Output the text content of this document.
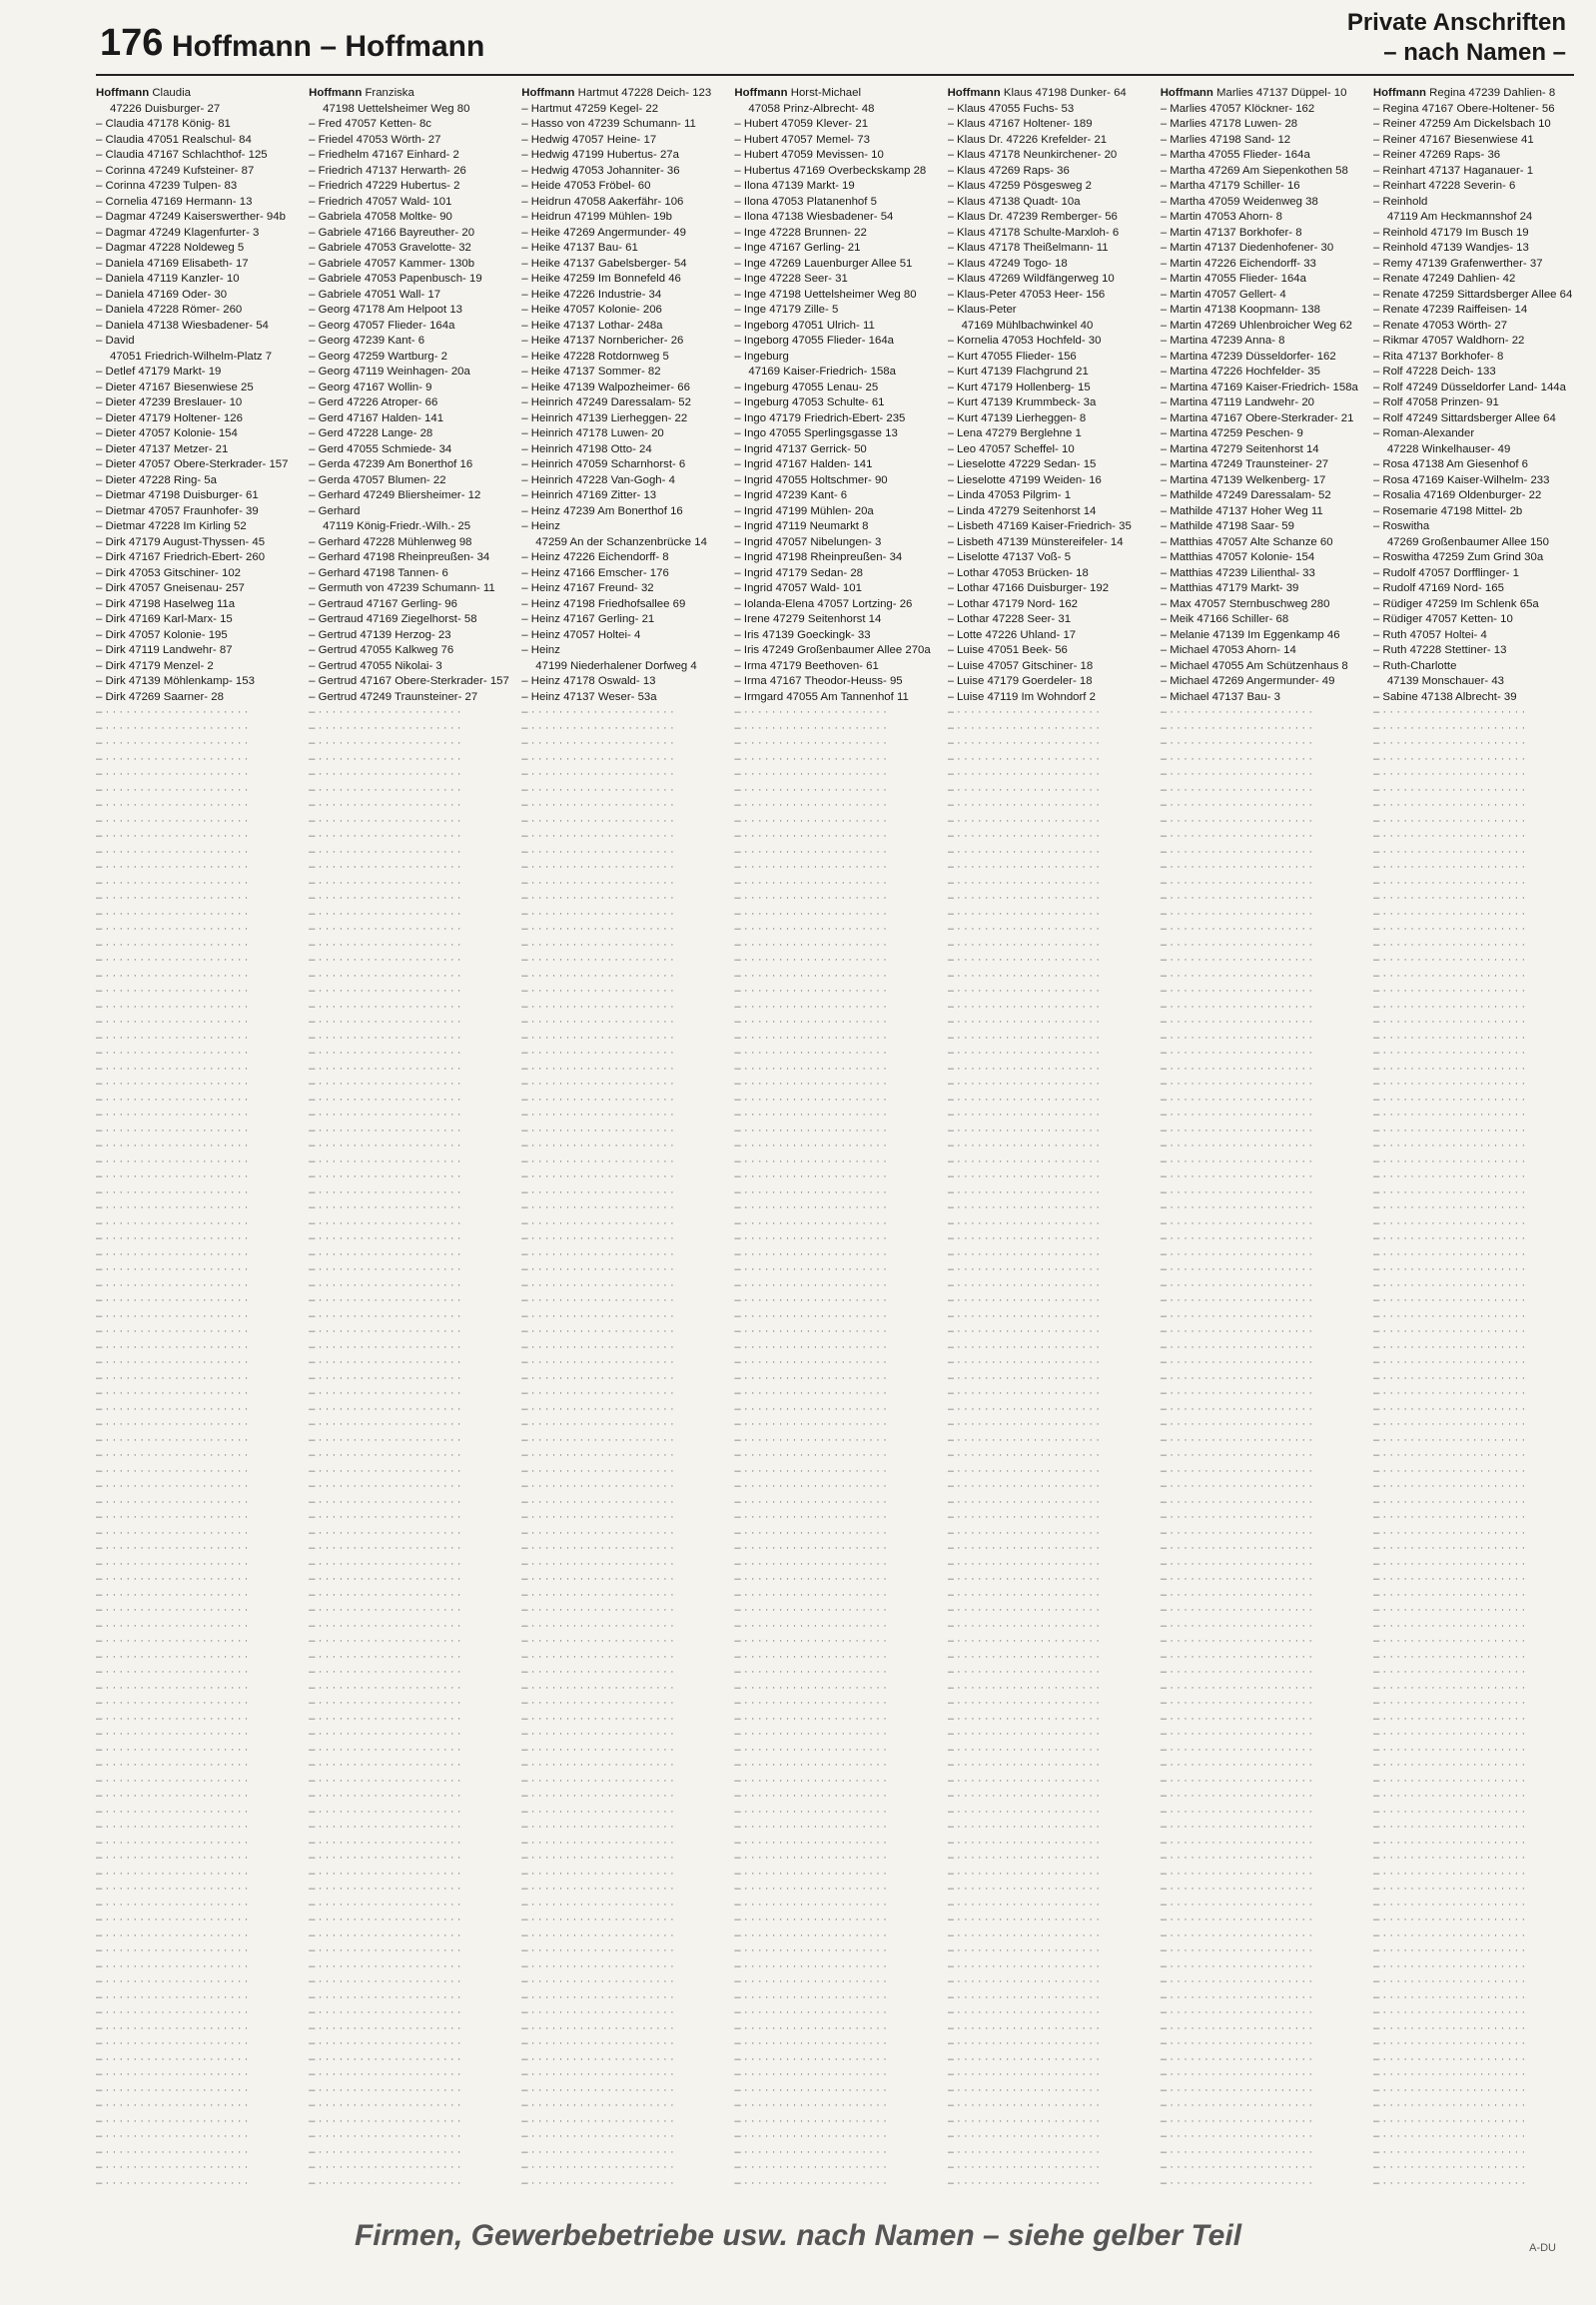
176 Hoffmann – Hoffmann
Private Anschriften
– nach Namen –
Hoffmann Claudia
47226 Duisburger- 27
– Claudia 47178 König- 81
– Claudia 47051 Realschul- 84
– Claudia 47167 Schlachthof- 125
– Corinna 47249 Kufsteiner- 87
– Corinna 47239 Tulpen- 83
– Cornelia 47169 Hermann- 13
– Dagmar 47249 Kaiserswerther- 94b
– Dagmar 47249 Klagenfurter- 3
– Dagmar 47228 Noldeweg 5
– Daniela 47169 Elisabeth- 17
– Daniela 47119 Kanzler- 10
– Daniela 47169 Oder- 30
– Daniela 47228 Römer- 260
– Daniela 47138 Wiesbadener- 54
– David
47051 Friedrich-Wilhelm-Platz 7
– Detlef 47179 Markt- 19
– Dieter 47167 Biesenwiese 25
– Dieter 47239 Breslauer- 10
– Dieter 47179 Holtener- 126
– Dieter 47057 Kolonie- 154
– Dieter 47137 Metzer- 21
– Dieter 47057 Obere-Sterkrader- 157
– Dieter 47228 Ring- 5a
– Dietmar 47198 Duisburger- 61
– Dietmar 47057 Fraunhofer- 39
– Dietmar 47228 Im Kirling 52
– Dirk 47179 August-Thyssen- 45
– Dirk 47167 Friedrich-Ebert- 260
– Dirk 47053 Gitschiner- 102
– Dirk 47057 Gneisenau- 257
– Dirk 47198 Haselweg 11a
– Dirk 47169 Karl-Marx- 15
– Dirk 47057 Kolonie- 195
– Dirk 47119 Landwehr- 87
– Dirk 47179 Menzel- 2
– Dirk 47139 Möhlenkamp- 153
– Dirk 47269 Saarner- 28
– · · · · · · · · · · · · · · · · · · · · ·
– · · · · · · · · · · · · · · · · · · · · ·
– · · · · · · · · · · · · · · · · · · · · ·
– · · · · · · · · · · · · · · · · · · · · ·
– · · · · · · · · · · · · · · · · · · · · ·
– · · · · · · · · · · · · · · · · · · · · ·
– · · · · · · · · · · · · · · · · · · · · ·
– · · · · · · · · · · · · · · · · · · · · ·
– · · · · · · · · · · · · · · · · · · · · ·
– · · · · · · · · · · · · · · · · · · · · ·
– · · · · · · · · · · · · · · · · · · · · ·
– · · · · · · · · · · · · · · · · · · · · ·
– · · · · · · · · · · · · · · · · · · · · ·
– · · · · · · · · · · · · · · · · · · · · ·
– · · · · · · · · · · · · · · · · · · · · ·
– · · · · · · · · · · · · · · · · · · · · ·
– · · · · · · · · · · · · · · · · · · · · ·
– · · · · · · · · · · · · · · · · · · · · ·
– · · · · · · · · · · · · · · · · · · · · ·
– · · · · · · · · · · · · · · · · · · · · ·
– · · · · · · · · · · · · · · · · · · · · ·
– · · · · · · · · · · · · · · · · · · · · ·
– · · · · · · · · · · · · · · · · · · · · ·
– · · · · · · · · · · · · · · · · · · · · ·
– · · · · · · · · · · · · · · · · · · · · ·
– · · · · · · · · · · · · · · · · · · · · ·
– · · · · · · · · · · · · · · · · · · · · ·
– · · · · · · · · · · · · · · · · · · · · ·
– · · · · · · · · · · · · · · · · · · · · ·
– · · · · · · · · · · · · · · · · · · · · ·
– · · · · · · · · · · · · · · · · · · · · ·
– · · · · · · · · · · · · · · · · · · · · ·
– · · · · · · · · · · · · · · · · · · · · ·
– · · · · · · · · · · · · · · · · · · · · ·
– · · · · · · · · · · · · · · · · · · · · ·
– · · · · · · · · · · · · · · · · · · · · ·
– · · · · · · · · · · · · · · · · · · · · ·
– · · · · · · · · · · · · · · · · · · · · ·
– · · · · · · · · · · · · · · · · · · · · ·
– · · · · · · · · · · · · · · · · · · · · ·
– · · · · · · · · · · · · · · · · · · · · ·
– · · · · · · · · · · · · · · · · · · · · ·
– · · · · · · · · · · · · · · · · · · · · ·
– · · · · · · · · · · · · · · · · · · · · ·
– · · · · · · · · · · · · · · · · · · · · ·
– · · · · · · · · · · · · · · · · · · · · ·
– · · · · · · · · · · · · · · · · · · · · ·
– · · · · · · · · · · · · · · · · · · · · ·
– · · · · · · · · · · · · · · · · · · · · ·
– · · · · · · · · · · · · · · · · · · · · ·
– · · · · · · · · · · · · · · · · · · · · ·
– · · · · · · · · · · · · · · · · · · · · ·
– · · · · · · · · · · · · · · · · · · · · ·
– · · · · · · · · · · · · · · · · · · · · ·
– · · · · · · · · · · · · · · · · · · · · ·
– · · · · · · · · · · · · · · · · · · · · ·
– · · · · · · · · · · · · · · · · · · · · ·
– · · · · · · · · · · · · · · · · · · · · ·
– · · · · · · · · · · · · · · · · · · · · ·
– · · · · · · · · · · · · · · · · · · · · ·
– · · · · · · · · · · · · · · · · · · · · ·
– · · · · · · · · · · · · · · · · · · · · ·
– · · · · · · · · · · · · · · · · · · · · ·
– · · · · · · · · · · · · · · · · · · · · ·
– · · · · · · · · · · · · · · · · · · · · ·
– · · · · · · · · · · · · · · · · · · · · ·
– · · · · · · · · · · · · · · · · · · · · ·
– · · · · · · · · · · · · · · · · · · · · ·
– · · · · · · · · · · · · · · · · · · · · ·
– · · · · · · · · · · · · · · · · · · · · ·
– · · · · · · · · · · · · · · · · · · · · ·
– · · · · · · · · · · · · · · · · · · · · ·
– · · · · · · · · · · · · · · · · · · · · ·
– · · · · · · · · · · · · · · · · · · · · ·
– · · · · · · · · · · · · · · · · · · · · ·
– · · · · · · · · · · · · · · · · · · · · ·
– · · · · · · · · · · · · · · · · · · · · ·
– · · · · · · · · · · · · · · · · · · · · ·
– · · · · · · · · · · · · · · · · · · · · ·
– · · · · · · · · · · · · · · · · · · · · ·
– · · · · · · · · · · · · · · · · · · · · ·
– · · · · · · · · · · · · · · · · · · · · ·
– · · · · · · · · · · · · · · · · · · · · ·
– · · · · · · · · · · · · · · · · · · · · ·
– · · · · · · · · · · · · · · · · · · · · ·
– · · · · · · · · · · · · · · · · · · · · ·
– · · · · · · · · · · · · · · · · · · · · ·
– · · · · · · · · · · · · · · · · · · · · ·
– · · · · · · · · · · · · · · · · · · · · ·
– · · · · · · · · · · · · · · · · · · · · ·
– · · · · · · · · · · · · · · · · · · · · ·
– · · · · · · · · · · · · · · · · · · · · ·
– · · · · · · · · · · · · · · · · · · · · ·
– · · · · · · · · · · · · · · · · · · · · ·
– · · · · · · · · · · · · · · · · · · · · ·
– · · · · · · · · · · · · · · · · · · · · ·
Hoffmann Franziska
47198 Uettelsheimer Weg 80
– Fred 47057 Ketten- 8c
– Friedel 47053 Wörth- 27
– Friedhelm 47167 Einhard- 2
– Friedrich 47137 Herwarth- 26
– Friedrich 47229 Hubertus- 2
– Friedrich 47057 Wald- 101
– Gabriela 47058 Moltke- 90
– Gabriele 47166 Bayreuther- 20
– Gabriele 47053 Gravelotte- 32
– Gabriele 47057 Kammer- 130b
– Gabriele 47053 Papenbusch- 19
– Gabriele 47051 Wall- 17
– Georg 47178 Am Helpoot 13
– Georg 47057 Flieder- 164a
– Georg 47239 Kant- 6
– Georg 47259 Wartburg- 2
– Georg 47119 Weinhagen- 20a
– Georg 47167 Wollin- 9
– Gerd 47226 Atroper- 66
– Gerd 47167 Halden- 141
– Gerd 47228 Lange- 28
– Gerd 47055 Schmiede- 34
– Gerda 47239 Am Bonerthof 16
– Gerda 47057 Blumen- 22
– Gerhard 47249 Bliersheimer- 12
– Gerhard
47119 König-Friedr.-Wilh.- 25
– Gerhard 47228 Mühlenweg 98
– Gerhard 47198 Rheinpreußen- 34
– Gerhard 47198 Tannen- 6
– Germuth von 47239 Schumann- 11
– Gertraud 47167 Gerling- 96
– Gertraud 47169 Ziegelhorst- 58
– Gertrud 47139 Herzog- 23
– Gertrud 47055 Kalkweg 76
– Gertrud 47055 Nikolai- 3
– Gertrud 47167 Obere-Sterkrader- 157
– Gertrud 47249 Traunsteiner- 27
– · · · · · · · · · · · · · · · · · · · · ·
– · · · · · · · · · · · · · · · · · · · · ·
– · · · · · · · · · · · · · · · · · · · · ·
– · · · · · · · · · · · · · · · · · · · · ·
– · · · · · · · · · · · · · · · · · · · · ·
– · · · · · · · · · · · · · · · · · · · · ·
– · · · · · · · · · · · · · · · · · · · · ·
– · · · · · · · · · · · · · · · · · · · · ·
– · · · · · · · · · · · · · · · · · · · · ·
– · · · · · · · · · · · · · · · · · · · · ·
– · · · · · · · · · · · · · · · · · · · · ·
– · · · · · · · · · · · · · · · · · · · · ·
– · · · · · · · · · · · · · · · · · · · · ·
– · · · · · · · · · · · · · · · · · · · · ·
– · · · · · · · · · · · · · · · · · · · · ·
– · · · · · · · · · · · · · · · · · · · · ·
– · · · · · · · · · · · · · · · · · · · · ·
– · · · · · · · · · · · · · · · · · · · · ·
– · · · · · · · · · · · · · · · · · · · · ·
– · · · · · · · · · · · · · · · · · · · · ·
– · · · · · · · · · · · · · · · · · · · · ·
– · · · · · · · · · · · · · · · · · · · · ·
– · · · · · · · · · · · · · · · · · · · · ·
– · · · · · · · · · · · · · · · · · · · · ·
– · · · · · · · · · · · · · · · · · · · · ·
– · · · · · · · · · · · · · · · · · · · · ·
– · · · · · · · · · · · · · · · · · · · · ·
– · · · · · · · · · · · · · · · · · · · · ·
– · · · · · · · · · · · · · · · · · · · · ·
– · · · · · · · · · · · · · · · · · · · · ·
– · · · · · · · · · · · · · · · · · · · · ·
– · · · · · · · · · · · · · · · · · · · · ·
– · · · · · · · · · · · · · · · · · · · · ·
– · · · · · · · · · · · · · · · · · · · · ·
– · · · · · · · · · · · · · · · · · · · · ·
– · · · · · · · · · · · · · · · · · · · · ·
– · · · · · · · · · · · · · · · · · · · · ·
– · · · · · · · · · · · · · · · · · · · · ·
– · · · · · · · · · · · · · · · · · · · · ·
– · · · · · · · · · · · · · · · · · · · · ·
– · · · · · · · · · · · · · · · · · · · · ·
– · · · · · · · · · · · · · · · · · · · · ·
– · · · · · · · · · · · · · · · · · · · · ·
– · · · · · · · · · · · · · · · · · · · · ·
– · · · · · · · · · · · · · · · · · · · · ·
– · · · · · · · · · · · · · · · · · · · · ·
– · · · · · · · · · · · · · · · · · · · · ·
– · · · · · · · · · · · · · · · · · · · · ·
– · · · · · · · · · · · · · · · · · · · · ·
– · · · · · · · · · · · · · · · · · · · · ·
– · · · · · · · · · · · · · · · · · · · · ·
– · · · · · · · · · · · · · · · · · · · · ·
– · · · · · · · · · · · · · · · · · · · · ·
– · · · · · · · · · · · · · · · · · · · · ·
– · · · · · · · · · · · · · · · · · · · · ·
– · · · · · · · · · · · · · · · · · · · · ·
– · · · · · · · · · · · · · · · · · · · · ·
– · · · · · · · · · · · · · · · · · · · · ·
– · · · · · · · · · · · · · · · · · · · · ·
– · · · · · · · · · · · · · · · · · · · · ·
– · · · · · · · · · · · · · · · · · · · · ·
– · · · · · · · · · · · · · · · · · · · · ·
– · · · · · · · · · · · · · · · · · · · · ·
– · · · · · · · · · · · · · · · · · · · · ·
– · · · · · · · · · · · · · · · · · · · · ·
– · · · · · · · · · · · · · · · · · · · · ·
– · · · · · · · · · · · · · · · · · · · · ·
– · · · · · · · · · · · · · · · · · · · · ·
– · · · · · · · · · · · · · · · · · · · · ·
– · · · · · · · · · · · · · · · · · · · · ·
– · · · · · · · · · · · · · · · · · · · · ·
– · · · · · · · · · · · · · · · · · · · · ·
– · · · · · · · · · · · · · · · · · · · · ·
– · · · · · · · · · · · · · · · · · · · · ·
– · · · · · · · · · · · · · · · · · · · · ·
– · · · · · · · · · · · · · · · · · · · · ·
– · · · · · · · · · · · · · · · · · · · · ·
– · · · · · · · · · · · · · · · · · · · · ·
– · · · · · · · · · · · · · · · · · · · · ·
– · · · · · · · · · · · · · · · · · · · · ·
– · · · · · · · · · · · · · · · · · · · · ·
– · · · · · · · · · · · · · · · · · · · · ·
– · · · · · · · · · · · · · · · · · · · · ·
– · · · · · · · · · · · · · · · · · · · · ·
– · · · · · · · · · · · · · · · · · · · · ·
– · · · · · · · · · · · · · · · · · · · · ·
– · · · · · · · · · · · · · · · · · · · · ·
– · · · · · · · · · · · · · · · · · · · · ·
– · · · · · · · · · · · · · · · · · · · · ·
– · · · · · · · · · · · · · · · · · · · · ·
– · · · · · · · · · · · · · · · · · · · · ·
– · · · · · · · · · · · · · · · · · · · · ·
– · · · · · · · · · · · · · · · · · · · · ·
– · · · · · · · · · · · · · · · · · · · · ·
– · · · · · · · · · · · · · · · · · · · · ·
– · · · · · · · · · · · · · · · · · · · · ·
Hoffmann Hartmut 47228 Deich- 123
– Hartmut 47259 Kegel- 22
– Hasso von 47239 Schumann- 11
– Hedwig 47057 Heine- 17
– Hedwig 47199 Hubertus- 27a
– Hedwig 47053 Johanniter- 36
– Heide 47053 Fröbel- 60
– Heidrun 47058 Aakerfähr- 106
– Heidrun 47199 Mühlen- 19b
– Heike 47269 Angermunder- 49
– Heike 47137 Bau- 61
– Heike 47137 Gabelsberger- 54
– Heike 47259 Im Bonnefeld 46
– Heike 47226 Industrie- 34
– Heike 47057 Kolonie- 206
– Heike 47137 Lothar- 248a
– Heike 47137 Nornbericher- 26
– Heike 47228 Rotdornweg 5
– Heike 47137 Sommer- 82
– Heike 47139 Walpozheimer- 66
– Heinrich 47249 Daressalam- 52
– Heinrich 47139 Lierheggen- 22
– Heinrich 47178 Luwen- 20
– Heinrich 47198 Otto- 24
– Heinrich 47059 Scharnhorst- 6
– Heinrich 47228 Van-Gogh- 4
– Heinrich 47169 Zitter- 13
– Heinz 47239 Am Bonerthof 16
– Heinz
47259 An der Schanzenbrücke 14
– Heinz 47226 Eichendorff- 8
– Heinz 47166 Emscher- 176
– Heinz 47167 Freund- 32
– Heinz 47198 Friedhofsallee 69
– Heinz 47167 Gerling- 21
– Heinz 47057 Holtei- 4
– Heinz
47199 Niederhalener Dorfweg 4
– Heinz 47178 Oswald- 13
– Heinz 47137 Weser- 53a
– · · · · · · · · · · · · · · · · · · · · ·
– · · · · · · · · · · · · · · · · · · · · ·
– · · · · · · · · · · · · · · · · · · · · ·
– · · · · · · · · · · · · · · · · · · · · ·
– · · · · · · · · · · · · · · · · · · · · ·
– · · · · · · · · · · · · · · · · · · · · ·
– · · · · · · · · · · · · · · · · · · · · ·
– · · · · · · · · · · · · · · · · · · · · ·
– · · · · · · · · · · · · · · · · · · · · ·
– · · · · · · · · · · · · · · · · · · · · ·
– · · · · · · · · · · · · · · · · · · · · ·
– · · · · · · · · · · · · · · · · · · · · ·
– · · · · · · · · · · · · · · · · · · · · ·
– · · · · · · · · · · · · · · · · · · · · ·
– · · · · · · · · · · · · · · · · · · · · ·
– · · · · · · · · · · · · · · · · · · · · ·
– · · · · · · · · · · · · · · · · · · · · ·
– · · · · · · · · · · · · · · · · · · · · ·
– · · · · · · · · · · · · · · · · · · · · ·
– · · · · · · · · · · · · · · · · · · · · ·
– · · · · · · · · · · · · · · · · · · · · ·
– · · · · · · · · · · · · · · · · · · · · ·
– · · · · · · · · · · · · · · · · · · · · ·
– · · · · · · · · · · · · · · · · · · · · ·
– · · · · · · · · · · · · · · · · · · · · ·
– · · · · · · · · · · · · · · · · · · · · ·
– · · · · · · · · · · · · · · · · · · · · ·
– · · · · · · · · · · · · · · · · · · · · ·
– · · · · · · · · · · · · · · · · · · · · ·
– · · · · · · · · · · · · · · · · · · · · ·
– · · · · · · · · · · · · · · · · · · · · ·
– · · · · · · · · · · · · · · · · · · · · ·
– · · · · · · · · · · · · · · · · · · · · ·
– · · · · · · · · · · · · · · · · · · · · ·
– · · · · · · · · · · · · · · · · · · · · ·
– · · · · · · · · · · · · · · · · · · · · ·
– · · · · · · · · · · · · · · · · · · · · ·
– · · · · · · · · · · · · · · · · · · · · ·
– · · · · · · · · · · · · · · · · · · · · ·
– · · · · · · · · · · · · · · · · · · · · ·
– · · · · · · · · · · · · · · · · · · · · ·
– · · · · · · · · · · · · · · · · · · · · ·
– · · · · · · · · · · · · · · · · · · · · ·
– · · · · · · · · · · · · · · · · · · · · ·
– · · · · · · · · · · · · · · · · · · · · ·
– · · · · · · · · · · · · · · · · · · · · ·
– · · · · · · · · · · · · · · · · · · · · ·
– · · · · · · · · · · · · · · · · · · · · ·
– · · · · · · · · · · · · · · · · · · · · ·
– · · · · · · · · · · · · · · · · · · · · ·
– · · · · · · · · · · · · · · · · · · · · ·
– · · · · · · · · · · · · · · · · · · · · ·
– · · · · · · · · · · · · · · · · · · · · ·
– · · · · · · · · · · · · · · · · · · · · ·
– · · · · · · · · · · · · · · · · · · · · ·
– · · · · · · · · · · · · · · · · · · · · ·
– · · · · · · · · · · · · · · · · · · · · ·
– · · · · · · · · · · · · · · · · · · · · ·
– · · · · · · · · · · · · · · · · · · · · ·
– · · · · · · · · · · · · · · · · · · · · ·
– · · · · · · · · · · · · · · · · · · · · ·
– · · · · · · · · · · · · · · · · · · · · ·
– · · · · · · · · · · · · · · · · · · · · ·
– · · · · · · · · · · · · · · · · · · · · ·
– · · · · · · · · · · · · · · · · · · · · ·
– · · · · · · · · · · · · · · · · · · · · ·
– · · · · · · · · · · · · · · · · · · · · ·
– · · · · · · · · · · · · · · · · · · · · ·
– · · · · · · · · · · · · · · · · · · · · ·
– · · · · · · · · · · · · · · · · · · · · ·
– · · · · · · · · · · · · · · · · · · · · ·
– · · · · · · · · · · · · · · · · · · · · ·
– · · · · · · · · · · · · · · · · · · · · ·
– · · · · · · · · · · · · · · · · · · · · ·
– · · · · · · · · · · · · · · · · · · · · ·
– · · · · · · · · · · · · · · · · · · · · ·
– · · · · · · · · · · · · · · · · · · · · ·
– · · · · · · · · · · · · · · · · · · · · ·
– · · · · · · · · · · · · · · · · · · · · ·
– · · · · · · · · · · · · · · · · · · · · ·
– · · · · · · · · · · · · · · · · · · · · ·
– · · · · · · · · · · · · · · · · · · · · ·
– · · · · · · · · · · · · · · · · · · · · ·
– · · · · · · · · · · · · · · · · · · · · ·
– · · · · · · · · · · · · · · · · · · · · ·
– · · · · · · · · · · · · · · · · · · · · ·
– · · · · · · · · · · · · · · · · · · · · ·
– · · · · · · · · · · · · · · · · · · · · ·
– · · · · · · · · · · · · · · · · · · · · ·
– · · · · · · · · · · · · · · · · · · · · ·
– · · · · · · · · · · · · · · · · · · · · ·
– · · · · · · · · · · · · · · · · · · · · ·
– · · · · · · · · · · · · · · · · · · · · ·
– · · · · · · · · · · · · · · · · · · · · ·
– · · · · · · · · · · · · · · · · · · · · ·
– · · · · · · · · · · · · · · · · · · · · ·
Hoffmann Horst-Michael
47058 Prinz-Albrecht- 48
– Hubert 47059 Klever- 21
– Hubert 47057 Memel- 73
– Hubert 47059 Mevissen- 10
– Hubertus 47169 Overbeckskamp 28
– Ilona 47139 Markt- 19
– Ilona 47053 Platanenhof 5
– Ilona 47138 Wiesbadener- 54
– Inge 47228 Brunnen- 22
– Inge 47167 Gerling- 21
– Inge 47269 Lauenburger Allee 51
– Inge 47228 Seer- 31
– Inge 47198 Uettelsheimer Weg 80
– Inge 47179 Zille- 5
– Ingeborg 47051 Ulrich- 11
– Ingeborg 47055 Flieder- 164a
– Ingeburg
47169 Kaiser-Friedrich- 158a
– Ingeburg 47055 Lenau- 25
– Ingeburg 47053 Schulte- 61
– Ingo 47179 Friedrich-Ebert- 235
– Ingo 47055 Sperlingsgasse 13
– Ingrid 47137 Gerrick- 50
– Ingrid 47167 Halden- 141
– Ingrid 47055 Holtschmer- 90
– Ingrid 47239 Kant- 6
– Ingrid 47199 Mühlen- 20a
– Ingrid 47119 Neumarkt 8
– Ingrid 47057 Nibelungen- 3
– Ingrid 47198 Rheinpreußen- 34
– Ingrid 47179 Sedan- 28
– Ingrid 47057 Wald- 101
– Iolanda-Elena 47057 Lortzing- 26
– Irene 47279 Seitenhorst 14
– Iris 47139 Goeckingk- 33
– Iris 47249 Großenbaumer Allee 270a
– Irma 47179 Beethoven- 61
– Irma 47167 Theodor-Heuss- 95
– Irmgard 47055 Am Tannenhof 11
– · · · · · · · · · · · · · · · · · · · · ·
– · · · · · · · · · · · · · · · · · · · · ·
– · · · · · · · · · · · · · · · · · · · · ·
– · · · · · · · · · · · · · · · · · · · · ·
– · · · · · · · · · · · · · · · · · · · · ·
– · · · · · · · · · · · · · · · · · · · · ·
– · · · · · · · · · · · · · · · · · · · · ·
– · · · · · · · · · · · · · · · · · · · · ·
– · · · · · · · · · · · · · · · · · · · · ·
– · · · · · · · · · · · · · · · · · · · · ·
– · · · · · · · · · · · · · · · · · · · · ·
– · · · · · · · · · · · · · · · · · · · · ·
– · · · · · · · · · · · · · · · · · · · · ·
– · · · · · · · · · · · · · · · · · · · · ·
– · · · · · · · · · · · · · · · · · · · · ·
– · · · · · · · · · · · · · · · · · · · · ·
– · · · · · · · · · · · · · · · · · · · · ·
– · · · · · · · · · · · · · · · · · · · · ·
– · · · · · · · · · · · · · · · · · · · · ·
– · · · · · · · · · · · · · · · · · · · · ·
– · · · · · · · · · · · · · · · · · · · · ·
– · · · · · · · · · · · · · · · · · · · · ·
– · · · · · · · · · · · · · · · · · · · · ·
– · · · · · · · · · · · · · · · · · · · · ·
– · · · · · · · · · · · · · · · · · · · · ·
– · · · · · · · · · · · · · · · · · · · · ·
– · · · · · · · · · · · · · · · · · · · · ·
– · · · · · · · · · · · · · · · · · · · · ·
– · · · · · · · · · · · · · · · · · · · · ·
– · · · · · · · · · · · · · · · · · · · · ·
– · · · · · · · · · · · · · · · · · · · · ·
– · · · · · · · · · · · · · · · · · · · · ·
– · · · · · · · · · · · · · · · · · · · · ·
– · · · · · · · · · · · · · · · · · · · · ·
– · · · · · · · · · · · · · · · · · · · · ·
– · · · · · · · · · · · · · · · · · · · · ·
– · · · · · · · · · · · · · · · · · · · · ·
– · · · · · · · · · · · · · · · · · · · · ·
– · · · · · · · · · · · · · · · · · · · · ·
– · · · · · · · · · · · · · · · · · · · · ·
– · · · · · · · · · · · · · · · · · · · · ·
– · · · · · · · · · · · · · · · · · · · · ·
– · · · · · · · · · · · · · · · · · · · · ·
– · · · · · · · · · · · · · · · · · · · · ·
– · · · · · · · · · · · · · · · · · · · · ·
– · · · · · · · · · · · · · · · · · · · · ·
– · · · · · · · · · · · · · · · · · · · · ·
– · · · · · · · · · · · · · · · · · · · · ·
– · · · · · · · · · · · · · · · · · · · · ·
– · · · · · · · · · · · · · · · · · · · · ·
– · · · · · · · · · · · · · · · · · · · · ·
– · · · · · · · · · · · · · · · · · · · · ·
– · · · · · · · · · · · · · · · · · · · · ·
– · · · · · · · · · · · · · · · · · · · · ·
– · · · · · · · · · · · · · · · · · · · · ·
– · · · · · · · · · · · · · · · · · · · · ·
– · · · · · · · · · · · · · · · · · · · · ·
– · · · · · · · · · · · · · · · · · · · · ·
– · · · · · · · · · · · · · · · · · · · · ·
– · · · · · · · · · · · · · · · · · · · · ·
– · · · · · · · · · · · · · · · · · · · · ·
– · · · · · · · · · · · · · · · · · · · · ·
– · · · · · · · · · · · · · · · · · · · · ·
– · · · · · · · · · · · · · · · · · · · · ·
– · · · · · · · · · · · · · · · · · · · · ·
– · · · · · · · · · · · · · · · · · · · · ·
– · · · · · · · · · · · · · · · · · · · · ·
– · · · · · · · · · · · · · · · · · · · · ·
– · · · · · · · · · · · · · · · · · · · · ·
– · · · · · · · · · · · · · · · · · · · · ·
– · · · · · · · · · · · · · · · · · · · · ·
– · · · · · · · · · · · · · · · · · · · · ·
– · · · · · · · · · · · · · · · · · · · · ·
– · · · · · · · · · · · · · · · · · · · · ·
– · · · · · · · · · · · · · · · · · · · · ·
– · · · · · · · · · · · · · · · · · · · · ·
– · · · · · · · · · · · · · · · · · · · · ·
– · · · · · · · · · · · · · · · · · · · · ·
– · · · · · · · · · · · · · · · · · · · · ·
– · · · · · · · · · · · · · · · · · · · · ·
– · · · · · · · · · · · · · · · · · · · · ·
– · · · · · · · · · · · · · · · · · · · · ·
– · · · · · · · · · · · · · · · · · · · · ·
– · · · · · · · · · · · · · · · · · · · · ·
– · · · · · · · · · · · · · · · · · · · · ·
– · · · · · · · · · · · · · · · · · · · · ·
– · · · · · · · · · · · · · · · · · · · · ·
– · · · · · · · · · · · · · · · · · · · · ·
– · · · · · · · · · · · · · · · · · · · · ·
– · · · · · · · · · · · · · · · · · · · · ·
– · · · · · · · · · · · · · · · · · · · · ·
– · · · · · · · · · · · · · · · · · · · · ·
– · · · · · · · · · · · · · · · · · · · · ·
– · · · · · · · · · · · · · · · · · · · · ·
– · · · · · · · · · · · · · · · · · · · · ·
– · · · · · · · · · · · · · · · · · · · · ·
Hoffmann Klaus 47198 Dunker- 64
– Klaus 47055 Fuchs- 53
– Klaus 47167 Holtener- 189
– Klaus Dr. 47226 Krefelder- 21
– Klaus 47178 Neunkirchener- 20
– Klaus 47269 Raps- 36
– Klaus 47259 Pösgesweg 2
– Klaus 47138 Quadt- 10a
– Klaus Dr. 47239 Remberger- 56
– Klaus 47178 Schulte-Marxloh- 6
– Klaus 47178 Theißelmann- 11
– Klaus 47249 Togo- 18
– Klaus 47269 Wildfängerweg 10
– Klaus-Peter 47053 Heer- 156
– Klaus-Peter
47169 Mühlbachwinkel 40
– Kornelia 47053 Hochfeld- 30
– Kurt 47055 Flieder- 156
– Kurt 47139 Flachgrund 21
– Kurt 47179 Hollenberg- 15
– Kurt 47139 Krummbeck- 3a
– Kurt 47139 Lierheggen- 8
– Lena 47279 Berglehne 1
– Leo 47057 Scheffel- 10
– Lieselotte 47229 Sedan- 15
– Lieselotte 47199 Weiden- 16
– Linda 47053 Pilgrim- 1
– Linda 47279 Seitenhorst 14
– Lisbeth 47169 Kaiser-Friedrich- 35
– Lisbeth 47139 Münstereifeler- 14
– Liselotte 47137 Voß- 5
– Lothar 47053 Brücken- 18
– Lothar 47166 Duisburger- 192
– Lothar 47179 Nord- 162
– Lothar 47228 Seer- 31
– Lotte 47226 Uhland- 17
– Luise 47051 Beek- 56
– Luise 47057 Gitschiner- 18
– Luise 47179 Goerdeler- 18
– Luise 47119 Im Wohndorf 2
– · · · · · · · · · · · · · · · · · · · · ·
– · · · · · · · · · · · · · · · · · · · · ·
– · · · · · · · · · · · · · · · · · · · · ·
– · · · · · · · · · · · · · · · · · · · · ·
– · · · · · · · · · · · · · · · · · · · · ·
– · · · · · · · · · · · · · · · · · · · · ·
– · · · · · · · · · · · · · · · · · · · · ·
– · · · · · · · · · · · · · · · · · · · · ·
– · · · · · · · · · · · · · · · · · · · · ·
– · · · · · · · · · · · · · · · · · · · · ·
– · · · · · · · · · · · · · · · · · · · · ·
– · · · · · · · · · · · · · · · · · · · · ·
– · · · · · · · · · · · · · · · · · · · · ·
– · · · · · · · · · · · · · · · · · · · · ·
– · · · · · · · · · · · · · · · · · · · · ·
– · · · · · · · · · · · · · · · · · · · · ·
– · · · · · · · · · · · · · · · · · · · · ·
– · · · · · · · · · · · · · · · · · · · · ·
– · · · · · · · · · · · · · · · · · · · · ·
– · · · · · · · · · · · · · · · · · · · · ·
– · · · · · · · · · · · · · · · · · · · · ·
– · · · · · · · · · · · · · · · · · · · · ·
– · · · · · · · · · · · · · · · · · · · · ·
– · · · · · · · · · · · · · · · · · · · · ·
– · · · · · · · · · · · · · · · · · · · · ·
– · · · · · · · · · · · · · · · · · · · · ·
– · · · · · · · · · · · · · · · · · · · · ·
– · · · · · · · · · · · · · · · · · · · · ·
– · · · · · · · · · · · · · · · · · · · · ·
– · · · · · · · · · · · · · · · · · · · · ·
– · · · · · · · · · · · · · · · · · · · · ·
– · · · · · · · · · · · · · · · · · · · · ·
– · · · · · · · · · · · · · · · · · · · · ·
– · · · · · · · · · · · · · · · · · · · · ·
– · · · · · · · · · · · · · · · · · · · · ·
– · · · · · · · · · · · · · · · · · · · · ·
– · · · · · · · · · · · · · · · · · · · · ·
– · · · · · · · · · · · · · · · · · · · · ·
– · · · · · · · · · · · · · · · · · · · · ·
– · · · · · · · · · · · · · · · · · · · · ·
– · · · · · · · · · · · · · · · · · · · · ·
– · · · · · · · · · · · · · · · · · · · · ·
– · · · · · · · · · · · · · · · · · · · · ·
– · · · · · · · · · · · · · · · · · · · · ·
– · · · · · · · · · · · · · · · · · · · · ·
– · · · · · · · · · · · · · · · · · · · · ·
– · · · · · · · · · · · · · · · · · · · · ·
– · · · · · · · · · · · · · · · · · · · · ·
– · · · · · · · · · · · · · · · · · · · · ·
– · · · · · · · · · · · · · · · · · · · · ·
– · · · · · · · · · · · · · · · · · · · · ·
– · · · · · · · · · · · · · · · · · · · · ·
– · · · · · · · · · · · · · · · · · · · · ·
– · · · · · · · · · · · · · · · · · · · · ·
– · · · · · · · · · · · · · · · · · · · · ·
– · · · · · · · · · · · · · · · · · · · · ·
– · · · · · · · · · · · · · · · · · · · · ·
– · · · · · · · · · · · · · · · · · · · · ·
– · · · · · · · · · · · · · · · · · · · · ·
– · · · · · · · · · · · · · · · · · · · · ·
– · · · · · · · · · · · · · · · · · · · · ·
– · · · · · · · · · · · · · · · · · · · · ·
– · · · · · · · · · · · · · · · · · · · · ·
– · · · · · · · · · · · · · · · · · · · · ·
– · · · · · · · · · · · · · · · · · · · · ·
– · · · · · · · · · · · · · · · · · · · · ·
– · · · · · · · · · · · · · · · · · · · · ·
– · · · · · · · · · · · · · · · · · · · · ·
– · · · · · · · · · · · · · · · · · · · · ·
– · · · · · · · · · · · · · · · · · · · · ·
– · · · · · · · · · · · · · · · · · · · · ·
– · · · · · · · · · · · · · · · · · · · · ·
– · · · · · · · · · · · · · · · · · · · · ·
– · · · · · · · · · · · · · · · · · · · · ·
– · · · · · · · · · · · · · · · · · · · · ·
– · · · · · · · · · · · · · · · · · · · · ·
– · · · · · · · · · · · · · · · · · · · · ·
– · · · · · · · · · · · · · · · · · · · · ·
– · · · · · · · · · · · · · · · · · · · · ·
– · · · · · · · · · · · · · · · · · · · · ·
– · · · · · · · · · · · · · · · · · · · · ·
– · · · · · · · · · · · · · · · · · · · · ·
– · · · · · · · · · · · · · · · · · · · · ·
– · · · · · · · · · · · · · · · · · · · · ·
– · · · · · · · · · · · · · · · · · · · · ·
– · · · · · · · · · · · · · · · · · · · · ·
– · · · · · · · · · · · · · · · · · · · · ·
– · · · · · · · · · · · · · · · · · · · · ·
– · · · · · · · · · · · · · · · · · · · · ·
– · · · · · · · · · · · · · · · · · · · · ·
– · · · · · · · · · · · · · · · · · · · · ·
– · · · · · · · · · · · · · · · · · · · · ·
– · · · · · · · · · · · · · · · · · · · · ·
– · · · · · · · · · · · · · · · · · · · · ·
– · · · · · · · · · · · · · · · · · · · · ·
– · · · · · · · · · · · · · · · · · · · · ·
Hoffmann Marlies 47137 Düppel- 10
– Marlies 47057 Klöckner- 162
– Marlies 47178 Luwen- 28
– Marlies 47198 Sand- 12
– Martha 47055 Flieder- 164a
– Martha 47269 Am Siepenkothen 58
– Martha 47179 Schiller- 16
– Martha 47059 Weidenweg 38
– Martin 47053 Ahorn- 8
– Martin 47137 Borkhofer- 8
– Martin 47137 Diedenhofener- 30
– Martin 47226 Eichendorff- 33
– Martin 47055 Flieder- 164a
– Martin 47057 Gellert- 4
– Martin 47138 Koopmann- 138
– Martin 47269 Uhlenbroicher Weg 62
– Martina 47239 Anna- 8
– Martina 47239 Düsseldorfer- 162
– Martina 47226 Hochfelder- 35
– Martina 47169 Kaiser-Friedrich- 158a
– Martina 47119 Landwehr- 20
– Martina 47167 Obere-Sterkrader- 21
– Martina 47259 Peschen- 9
– Martina 47279 Seitenhorst 14
– Martina 47249 Traunsteiner- 27
– Martina 47139 Welkenberg- 17
– Mathilde 47249 Daressalam- 52
– Mathilde 47137 Hoher Weg 11
– Mathilde 47198 Saar- 59
– Matthias 47057 Alte Schanze 60
– Matthias 47057 Kolonie- 154
– Matthias 47239 Lilienthal- 33
– Matthias 47179 Markt- 39
– Max 47057 Sternbuschweg 280
– Meik 47166 Schiller- 68
– Melanie 47139 Im Eggenkamp 46
– Michael 47053 Ahorn- 14
– Michael 47055 Am Schützenhaus 8
– Michael 47269 Angermunder- 49
– Michael 47137 Bau- 3
– · · · · · · · · · · · · · · · · · · · · ·
– · · · · · · · · · · · · · · · · · · · · ·
– · · · · · · · · · · · · · · · · · · · · ·
– · · · · · · · · · · · · · · · · · · · · ·
– · · · · · · · · · · · · · · · · · · · · ·
– · · · · · · · · · · · · · · · · · · · · ·
– · · · · · · · · · · · · · · · · · · · · ·
– · · · · · · · · · · · · · · · · · · · · ·
– · · · · · · · · · · · · · · · · · · · · ·
– · · · · · · · · · · · · · · · · · · · · ·
– · · · · · · · · · · · · · · · · · · · · ·
– · · · · · · · · · · · · · · · · · · · · ·
– · · · · · · · · · · · · · · · · · · · · ·
– · · · · · · · · · · · · · · · · · · · · ·
– · · · · · · · · · · · · · · · · · · · · ·
– · · · · · · · · · · · · · · · · · · · · ·
– · · · · · · · · · · · · · · · · · · · · ·
– · · · · · · · · · · · · · · · · · · · · ·
– · · · · · · · · · · · · · · · · · · · · ·
– · · · · · · · · · · · · · · · · · · · · ·
– · · · · · · · · · · · · · · · · · · · · ·
– · · · · · · · · · · · · · · · · · · · · ·
– · · · · · · · · · · · · · · · · · · · · ·
– · · · · · · · · · · · · · · · · · · · · ·
– · · · · · · · · · · · · · · · · · · · · ·
– · · · · · · · · · · · · · · · · · · · · ·
– · · · · · · · · · · · · · · · · · · · · ·
– · · · · · · · · · · · · · · · · · · · · ·
– · · · · · · · · · · · · · · · · · · · · ·
– · · · · · · · · · · · · · · · · · · · · ·
– · · · · · · · · · · · · · · · · · · · · ·
– · · · · · · · · · · · · · · · · · · · · ·
– · · · · · · · · · · · · · · · · · · · · ·
– · · · · · · · · · · · · · · · · · · · · ·
– · · · · · · · · · · · · · · · · · · · · ·
– · · · · · · · · · · · · · · · · · · · · ·
– · · · · · · · · · · · · · · · · · · · · ·
– · · · · · · · · · · · · · · · · · · · · ·
– · · · · · · · · · · · · · · · · · · · · ·
– · · · · · · · · · · · · · · · · · · · · ·
– · · · · · · · · · · · · · · · · · · · · ·
– · · · · · · · · · · · · · · · · · · · · ·
– · · · · · · · · · · · · · · · · · · · · ·
– · · · · · · · · · · · · · · · · · · · · ·
– · · · · · · · · · · · · · · · · · · · · ·
– · · · · · · · · · · · · · · · · · · · · ·
– · · · · · · · · · · · · · · · · · · · · ·
– · · · · · · · · · · · · · · · · · · · · ·
– · · · · · · · · · · · · · · · · · · · · ·
– · · · · · · · · · · · · · · · · · · · · ·
– · · · · · · · · · · · · · · · · · · · · ·
– · · · · · · · · · · · · · · · · · · · · ·
– · · · · · · · · · · · · · · · · · · · · ·
– · · · · · · · · · · · · · · · · · · · · ·
– · · · · · · · · · · · · · · · · · · · · ·
– · · · · · · · · · · · · · · · · · · · · ·
– · · · · · · · · · · · · · · · · · · · · ·
– · · · · · · · · · · · · · · · · · · · · ·
– · · · · · · · · · · · · · · · · · · · · ·
– · · · · · · · · · · · · · · · · · · · · ·
– · · · · · · · · · · · · · · · · · · · · ·
– · · · · · · · · · · · · · · · · · · · · ·
– · · · · · · · · · · · · · · · · · · · · ·
– · · · · · · · · · · · · · · · · · · · · ·
– · · · · · · · · · · · · · · · · · · · · ·
– · · · · · · · · · · · · · · · · · · · · ·
– · · · · · · · · · · · · · · · · · · · · ·
– · · · · · · · · · · · · · · · · · · · · ·
– · · · · · · · · · · · · · · · · · · · · ·
– · · · · · · · · · · · · · · · · · · · · ·
– · · · · · · · · · · · · · · · · · · · · ·
– · · · · · · · · · · · · · · · · · · · · ·
– · · · · · · · · · · · · · · · · · · · · ·
– · · · · · · · · · · · · · · · · · · · · ·
– · · · · · · · · · · · · · · · · · · · · ·
– · · · · · · · · · · · · · · · · · · · · ·
– · · · · · · · · · · · · · · · · · · · · ·
– · · · · · · · · · · · · · · · · · · · · ·
– · · · · · · · · · · · · · · · · · · · · ·
– · · · · · · · · · · · · · · · · · · · · ·
– · · · · · · · · · · · · · · · · · · · · ·
– · · · · · · · · · · · · · · · · · · · · ·
– · · · · · · · · · · · · · · · · · · · · ·
– · · · · · · · · · · · · · · · · · · · · ·
– · · · · · · · · · · · · · · · · · · · · ·
– · · · · · · · · · · · · · · · · · · · · ·
– · · · · · · · · · · · · · · · · · · · · ·
– · · · · · · · · · · · · · · · · · · · · ·
– · · · · · · · · · · · · · · · · · · · · ·
– · · · · · · · · · · · · · · · · · · · · ·
– · · · · · · · · · · · · · · · · · · · · ·
– · · · · · · · · · · · · · · · · · · · · ·
– · · · · · · · · · · · · · · · · · · · · ·
– · · · · · · · · · · · · · · · · · · · · ·
– · · · · · · · · · · · · · · · · · · · · ·
– · · · · · · · · · · · · · · · · · · · · ·
Hoffmann Regina 47239 Dahlien- 8
– Regina 47167 Obere-Holtener- 56
– Reiner 47259 Am Dickelsbach 10
– Reiner 47167 Biesenwiese 41
– Reiner 47269 Raps- 36
– Reinhart 47137 Haganauer- 1
– Reinhart 47228 Severin- 6
– Reinhold
47119 Am Heckmannshof 24
– Reinhold 47179 Im Busch 19
– Reinhold 47139 Wandjes- 13
– Remy 47139 Grafenwerther- 37
– Renate 47249 Dahlien- 42
– Renate 47259 Sittardsberger Allee 64
– Renate 47239 Raiffeisen- 14
– Renate 47053 Wörth- 27
– Rikmar 47057 Waldhorn- 22
– Rita 47137 Borkhofer- 8
– Rolf 47228 Deich- 133
– Rolf 47249 Düsseldorfer Land- 144a
– Rolf 47058 Prinzen- 91
– Rolf 47249 Sittardsberger Allee 64
– Roman-Alexander
47228 Winkelhauser- 49
– Rosa 47138 Am Giesenhof 6
– Rosa 47169 Kaiser-Wilhelm- 233
– Rosalia 47169 Oldenburger- 22
– Rosemarie 47198 Mittel- 2b
– Roswitha
47269 Großenbaumer Allee 150
– Roswitha 47259 Zum Grind 30a
– Rudolf 47057 Dorfflinger- 1
– Rudolf 47169 Nord- 165
– Rüdiger 47259 Im Schlenk 65a
– Rüdiger 47057 Ketten- 10
– Ruth 47057 Holtei- 4
– Ruth 47228 Stettiner- 13
– Ruth-Charlotte
47139 Monschauer- 43
– Sabine 47138 Albrecht- 39
– · · · · · · · · · · · · · · · · · · · · ·
– · · · · · · · · · · · · · · · · · · · · ·
– · · · · · · · · · · · · · · · · · · · · ·
– · · · · · · · · · · · · · · · · · · · · ·
– · · · · · · · · · · · · · · · · · · · · ·
– · · · · · · · · · · · · · · · · · · · · ·
– · · · · · · · · · · · · · · · · · · · · ·
– · · · · · · · · · · · · · · · · · · · · ·
– · · · · · · · · · · · · · · · · · · · · ·
– · · · · · · · · · · · · · · · · · · · · ·
– · · · · · · · · · · · · · · · · · · · · ·
– · · · · · · · · · · · · · · · · · · · · ·
– · · · · · · · · · · · · · · · · · · · · ·
– · · · · · · · · · · · · · · · · · · · · ·
– · · · · · · · · · · · · · · · · · · · · ·
– · · · · · · · · · · · · · · · · · · · · ·
– · · · · · · · · · · · · · · · · · · · · ·
– · · · · · · · · · · · · · · · · · · · · ·
– · · · · · · · · · · · · · · · · · · · · ·
– · · · · · · · · · · · · · · · · · · · · ·
– · · · · · · · · · · · · · · · · · · · · ·
– · · · · · · · · · · · · · · · · · · · · ·
– · · · · · · · · · · · · · · · · · · · · ·
– · · · · · · · · · · · · · · · · · · · · ·
– · · · · · · · · · · · · · · · · · · · · ·
– · · · · · · · · · · · · · · · · · · · · ·
– · · · · · · · · · · · · · · · · · · · · ·
– · · · · · · · · · · · · · · · · · · · · ·
– · · · · · · · · · · · · · · · · · · · · ·
– · · · · · · · · · · · · · · · · · · · · ·
– · · · · · · · · · · · · · · · · · · · · ·
– · · · · · · · · · · · · · · · · · · · · ·
– · · · · · · · · · · · · · · · · · · · · ·
– · · · · · · · · · · · · · · · · · · · · ·
– · · · · · · · · · · · · · · · · · · · · ·
– · · · · · · · · · · · · · · · · · · · · ·
– · · · · · · · · · · · · · · · · · · · · ·
– · · · · · · · · · · · · · · · · · · · · ·
– · · · · · · · · · · · · · · · · · · · · ·
– · · · · · · · · · · · · · · · · · · · · ·
– · · · · · · · · · · · · · · · · · · · · ·
– · · · · · · · · · · · · · · · · · · · · ·
– · · · · · · · · · · · · · · · · · · · · ·
– · · · · · · · · · · · · · · · · · · · · ·
– · · · · · · · · · · · · · · · · · · · · ·
– · · · · · · · · · · · · · · · · · · · · ·
– · · · · · · · · · · · · · · · · · · · · ·
– · · · · · · · · · · · · · · · · · · · · ·
– · · · · · · · · · · · · · · · · · · · · ·
– · · · · · · · · · · · · · · · · · · · · ·
– · · · · · · · · · · · · · · · · · · · · ·
– · · · · · · · · · · · · · · · · · · · · ·
– · · · · · · · · · · · · · · · · · · · · ·
– · · · · · · · · · · · · · · · · · · · · ·
– · · · · · · · · · · · · · · · · · · · · ·
– · · · · · · · · · · · · · · · · · · · · ·
– · · · · · · · · · · · · · · · · · · · · ·
– · · · · · · · · · · · · · · · · · · · · ·
– · · · · · · · · · · · · · · · · · · · · ·
– · · · · · · · · · · · · · · · · · · · · ·
– · · · · · · · · · · · · · · · · · · · · ·
– · · · · · · · · · · · · · · · · · · · · ·
– · · · · · · · · · · · · · · · · · · · · ·
– · · · · · · · · · · · · · · · · · · · · ·
– · · · · · · · · · · · · · · · · · · · · ·
– · · · · · · · · · · · · · · · · · · · · ·
– · · · · · · · · · · · · · · · · · · · · ·
– · · · · · · · · · · · · · · · · · · · · ·
– · · · · · · · · · · · · · · · · · · · · ·
– · · · · · · · · · · · · · · · · · · · · ·
– · · · · · · · · · · · · · · · · · · · · ·
– · · · · · · · · · · · · · · · · · · · · ·
– · · · · · · · · · · · · · · · · · · · · ·
– · · · · · · · · · · · · · · · · · · · · ·
– · · · · · · · · · · · · · · · · · · · · ·
– · · · · · · · · · · · · · · · · · · · · ·
– · · · · · · · · · · · · · · · · · · · · ·
– · · · · · · · · · · · · · · · · · · · · ·
– · · · · · · · · · · · · · · · · · · · · ·
– · · · · · · · · · · · · · · · · · · · · ·
– · · · · · · · · · · · · · · · · · · · · ·
– · · · · · · · · · · · · · · · · · · · · ·
– · · · · · · · · · · · · · · · · · · · · ·
– · · · · · · · · · · · · · · · · · · · · ·
– · · · · · · · · · · · · · · · · · · · · ·
– · · · · · · · · · · · · · · · · · · · · ·
– · · · · · · · · · · · · · · · · · · · · ·
– · · · · · · · · · · · · · · · · · · · · ·
– · · · · · · · · · · · · · · · · · · · · ·
– · · · · · · · · · · · · · · · · · · · · ·
– · · · · · · · · · · · · · · · · · · · · ·
– · · · · · · · · · · · · · · · · · · · · ·
– · · · · · · · · · · · · · · · · · · · · ·
– · · · · · · · · · · · · · · · · · · · · ·
– · · · · · · · · · · · · · · · · · · · · ·
– · · · · · · · · · · · · · · · · · · · · ·
Firmen, Gewerbebetriebe usw. nach Namen – siehe gelber Teil	A-DU
